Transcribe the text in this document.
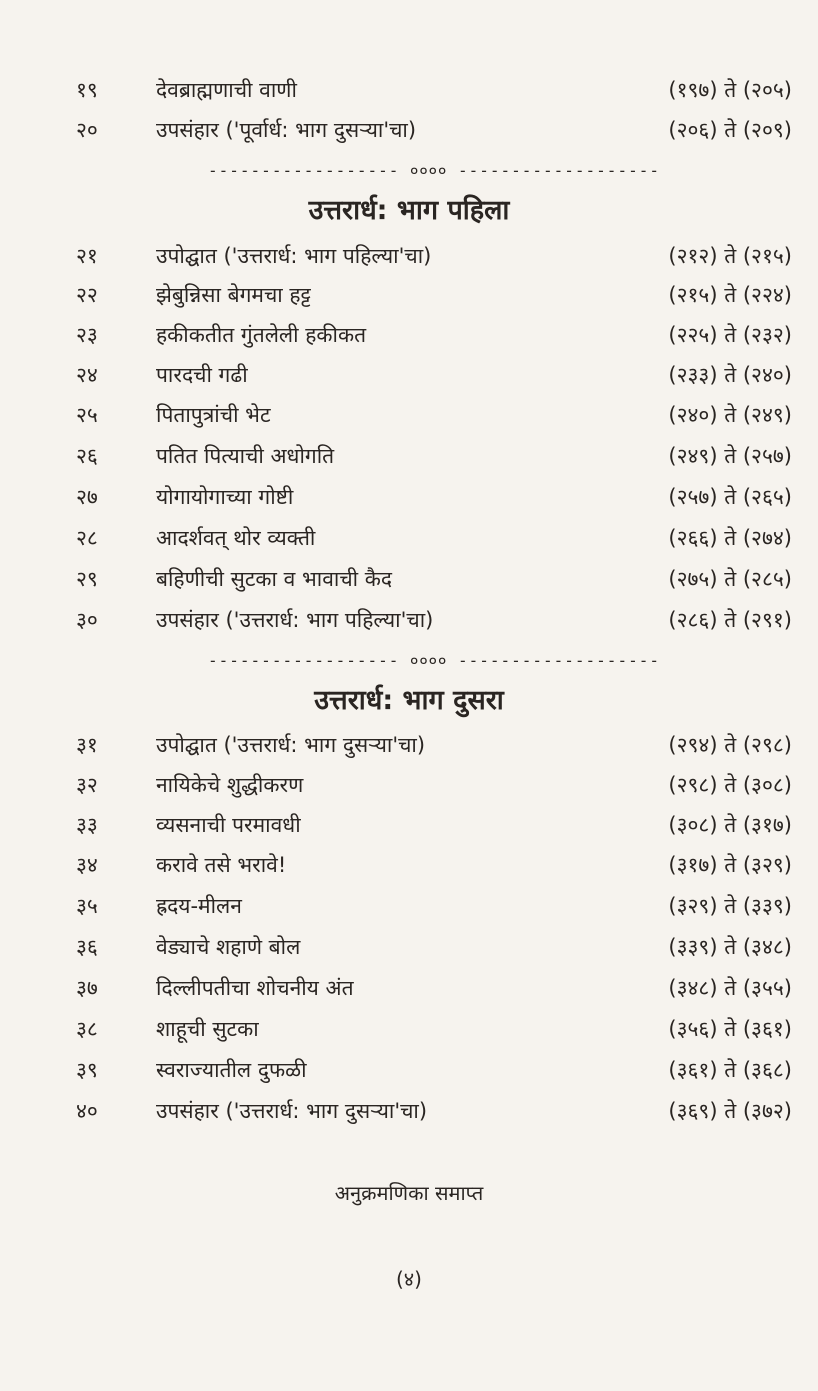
१९	देवब्राह्मणाची वाणी	(१९७) ते (२०५)
२०	उपसंहार ('पूर्वार्ध: भाग दुसऱ्या'चा)	(२०६) ते (२०९)
------------------ ०००० -------------------
उत्तरार्ध: भाग पहिला
२१	उपोद्घात ('उत्तरार्ध: भाग पहिल्या'चा)	(२१२) ते (२१५)
२२	झेबुन्निसा बेगमचा हट्ट	(२१५) ते (२२४)
२३	हकीकतीत गुंतलेली हकीकत	(२२५) ते (२३२)
२४	पारदची गढी	(२३३) ते (२४०)
२५	पितापुत्रांची भेट	(२४०) ते (२४९)
२६	पतित पित्याची अधोगति	(२४९) ते (२५७)
२७	योगायोगाच्या गोष्टी	(२५७) ते (२६५)
२८	आदर्शवत् थोर व्यक्ती	(२६६) ते (२७४)
२९	बहिणीची सुटका व भावाची कैद	(२७५) ते (२८५)
३०	उपसंहार ('उत्तरार्ध: भाग पहिल्या'चा)	(२८६) ते (२९१)
------------------ ०००० -------------------
उत्तरार्ध: भाग दुसरा
३१	उपोद्घात ('उत्तरार्ध: भाग दुसऱ्या'चा)	(२९४) ते (२९८)
३२	नायिकेचे शुद्धीकरण	(२९८) ते (३०८)
३३	व्यसनाची परमावधी	(३०८) ते (३१७)
३४	करावे तसे भरावे!	(३१७) ते (३२९)
३५	ह्रदय-मीलन	(३२९) ते (३३९)
३६	वेड्याचे शहाणे बोल	(३३९) ते (३४८)
३७	दिल्लीपतीचा शोचनीय अंत	(३४८) ते (३५५)
३८	शाहूची सुटका	(३५६) ते (३६१)
३९	स्वराज्यातील दुफळी	(३६१) ते (३६८)
४०	उपसंहार ('उत्तरार्ध: भाग दुसऱ्या'चा)	(३६९) ते (३७२)
अनुक्रमणिका समाप्त
(४)
